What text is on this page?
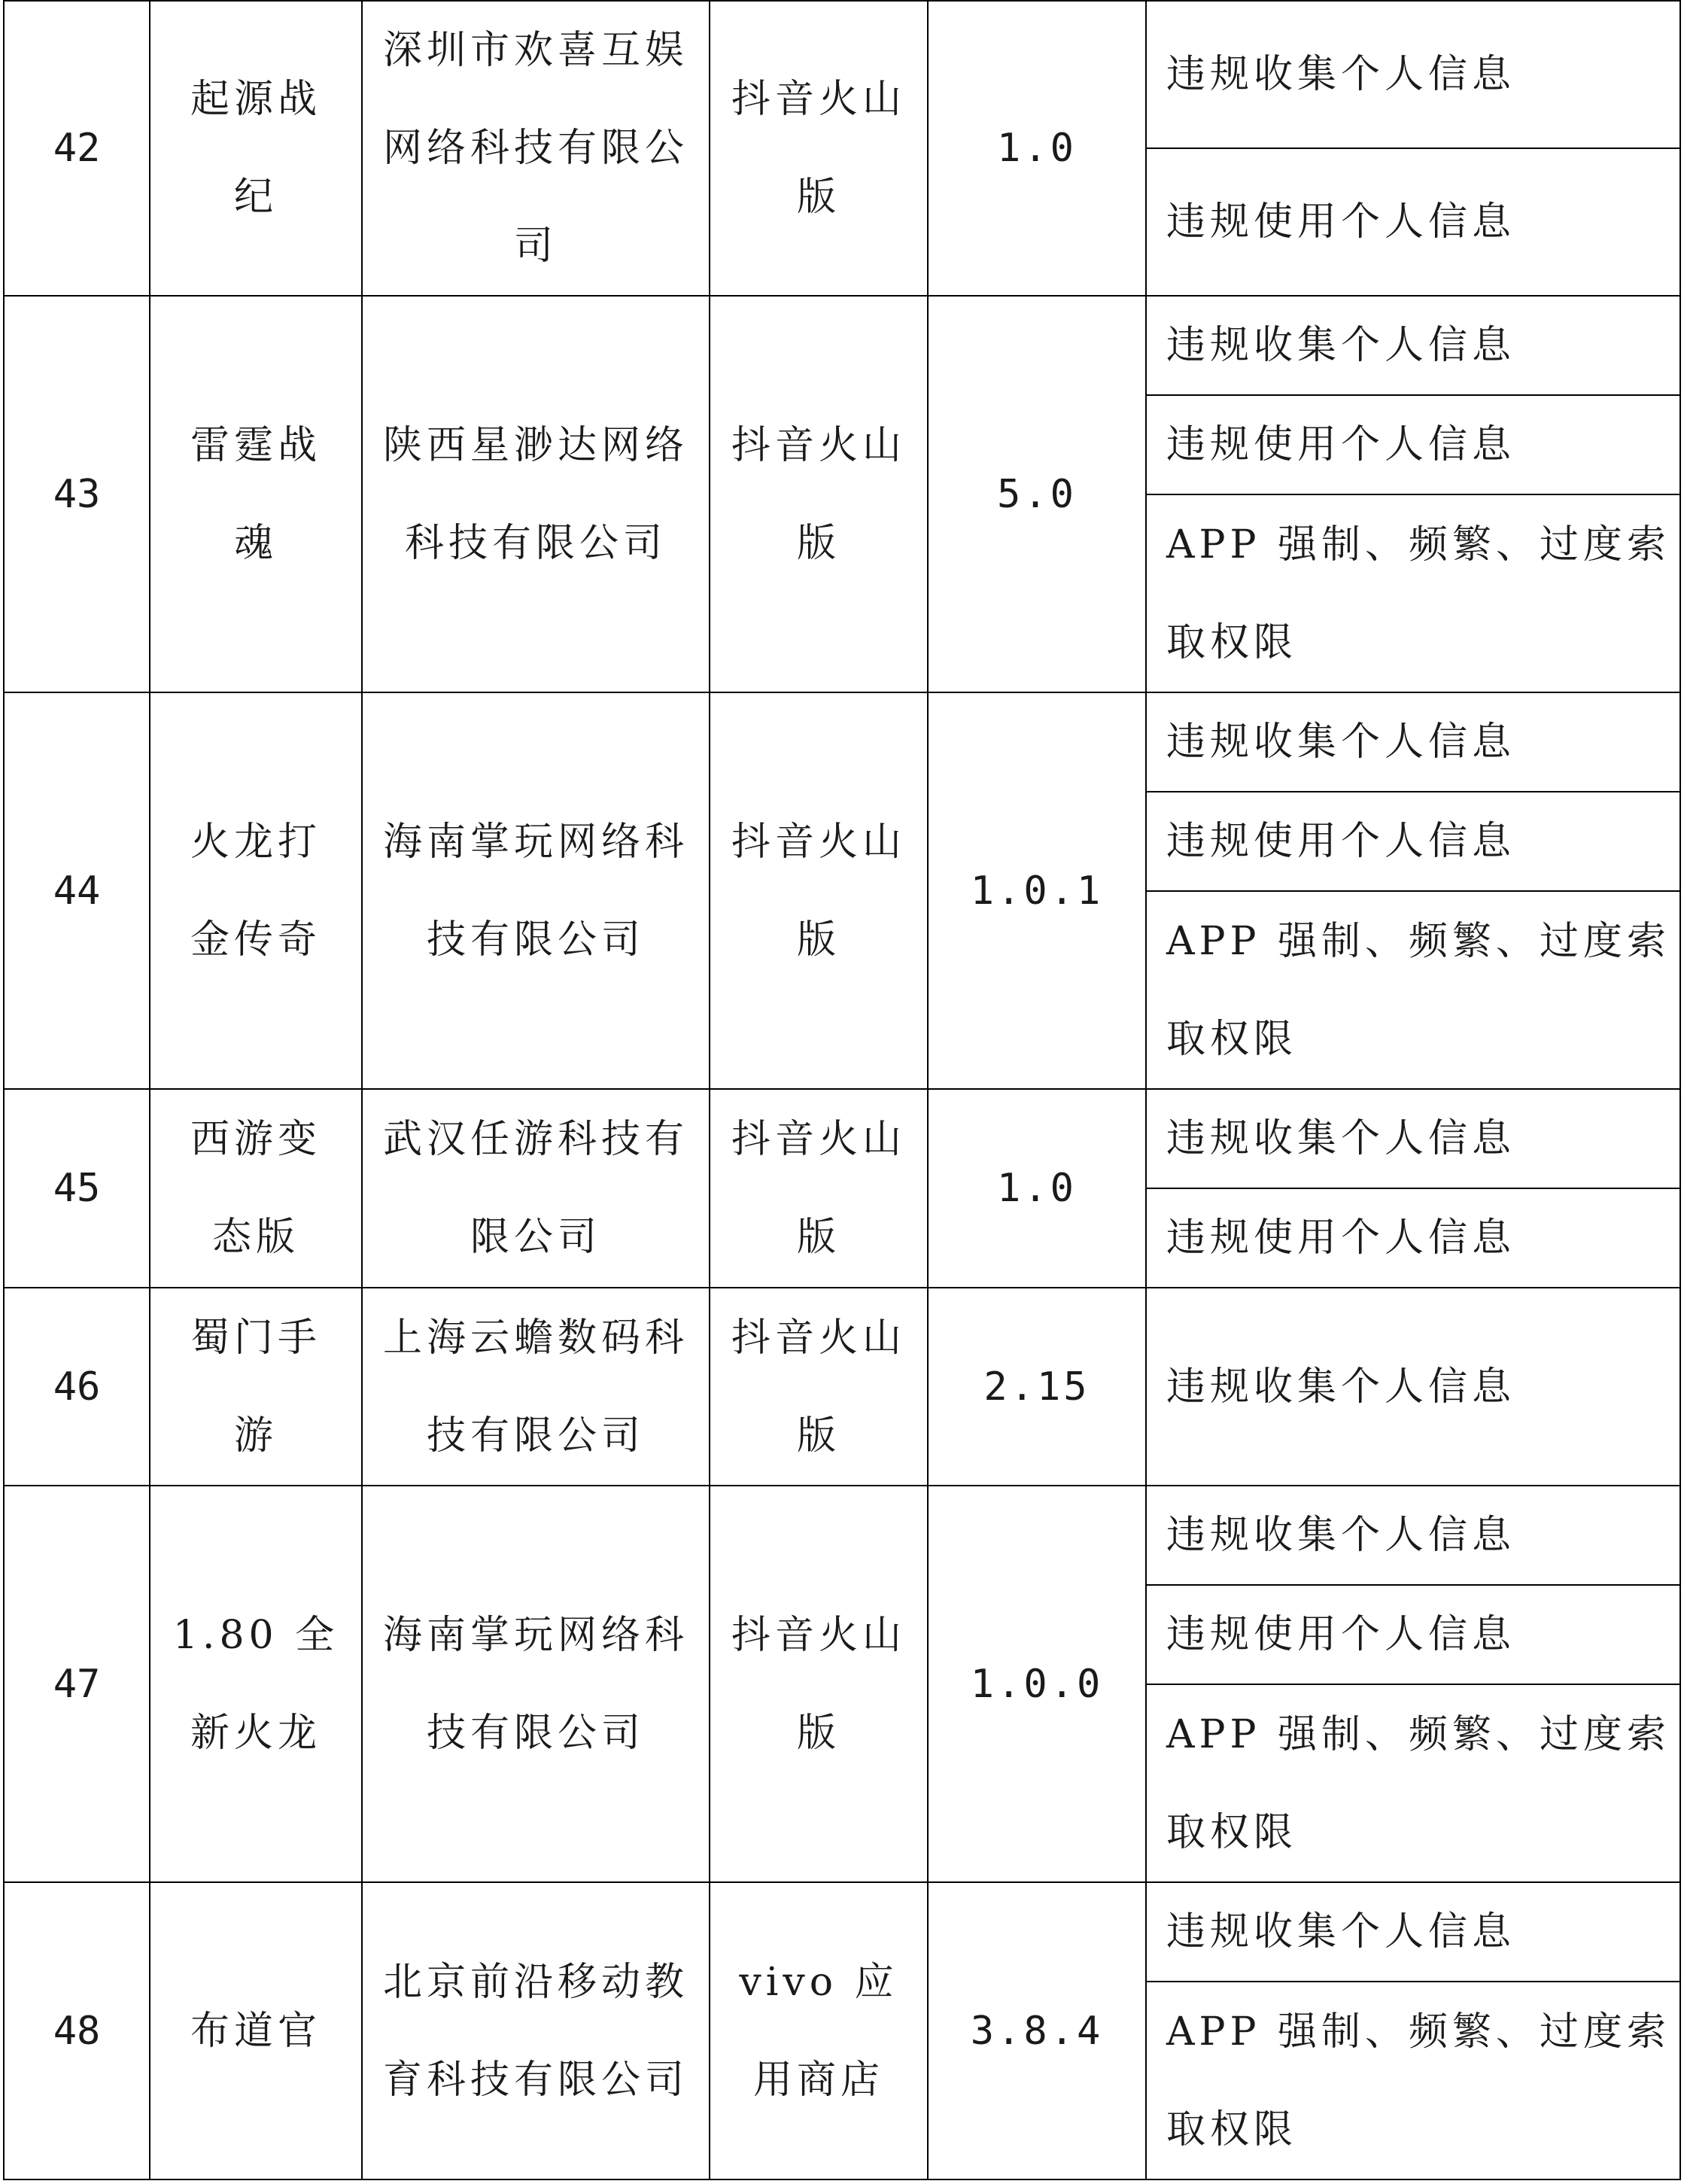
42	起源战纪	深圳市欢喜互娱网络科技有限公司	抖音火山版	1.0	违规收集个人信息
					违规使用个人信息
43	雷霆战魂	陕西星渺达网络科技有限公司	抖音火山版	5.0	违规收集个人信息
					违规使用个人信息
					APP 强制、频繁、过度索取权限
44	火龙打金传奇	海南掌玩网络科技有限公司	抖音火山版	1.0.1	违规收集个人信息
					违规使用个人信息
					APP 强制、频繁、过度索取权限
45	西游变态版	武汉任游科技有限公司	抖音火山版	1.0	违规收集个人信息
					违规使用个人信息
46	蜀门手游	上海云蟾数码科技有限公司	抖音火山版	2.15	违规收集个人信息
47	1.80 全新火龙	海南掌玩网络科技有限公司	抖音火山版	1.0.0	违规收集个人信息
					违规使用个人信息
					APP 强制、频繁、过度索取权限
48	布道官	北京前沿移动教育科技有限公司	vivo 应用商店	3.8.4	违规收集个人信息
					APP 强制、频繁、过度索取权限
